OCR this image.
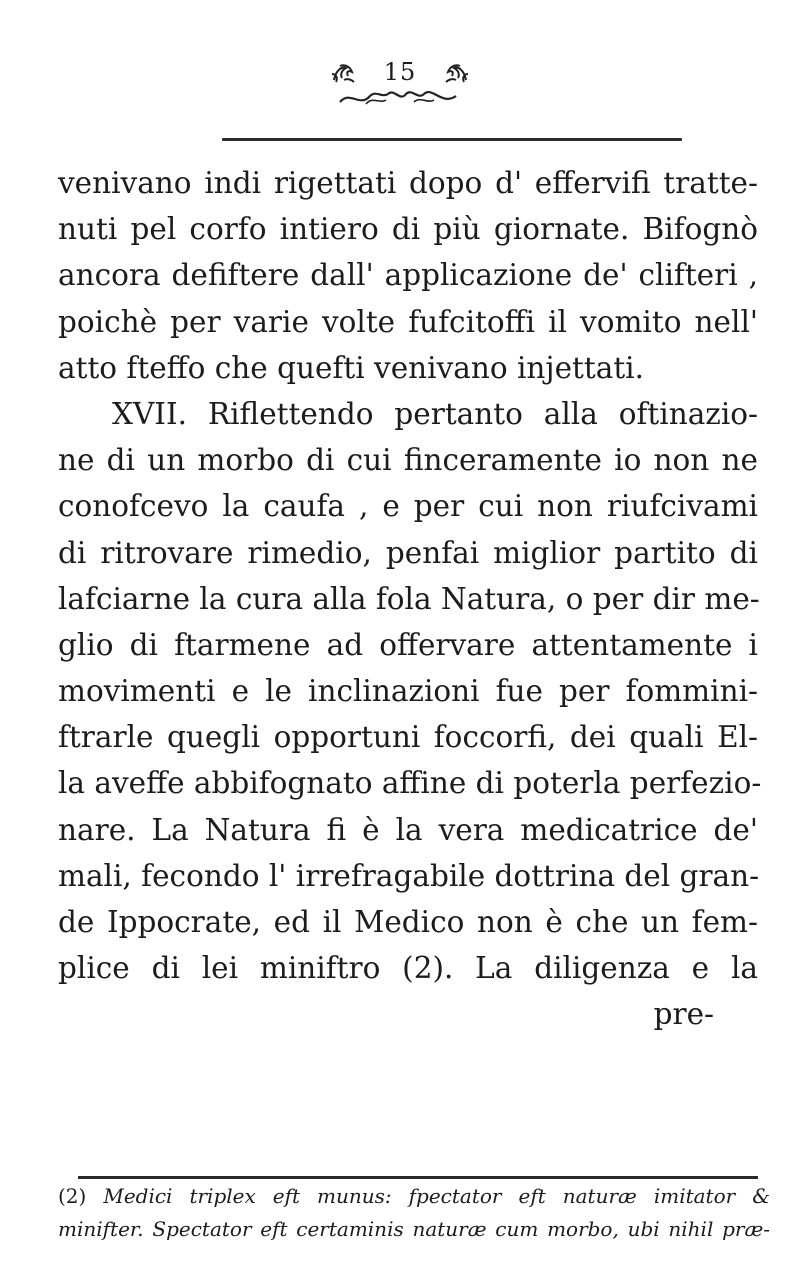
15
venivano indi rigettati dopo d' effervifi tratte-
nuti pel corfo intiero di più giornate. Bifognò
ancora defiftere dall' applicazione de' clifteri ,
poichè per varie volte fufcitoffi il vomito nell'
atto fteffo che quefti venivano injettati.
XVII. Riflettendo pertanto alla oftinazio-
ne di un morbo di cui finceramente io non ne
conofcevo la caufa , e per cui non riufcivami
di ritrovare rimedio, penfai miglior partito di
lafciarne la cura alla fola Natura, o per dir me-
glio di ftarmene ad offervare attentamente i
movimenti e le inclinazioni fue per fommini-
ftrarle quegli opportuni foccorfi, dei quali El-
la aveffe abbifognato affine di poterla perfezio-
nare. La Natura fi è la vera medicatrice de'
mali, fecondo l' irrefragabile dottrina del gran-
de Ippocrate, ed il Medico non è che un fem-
plice di lei miniftro (2). La diligenza e la
pre-
(2) Medici triplex eft munus: fpectator eft naturæ imitator &
minifter. Spectator eft certaminis naturæ cum morbo, ubi nihil præ-
